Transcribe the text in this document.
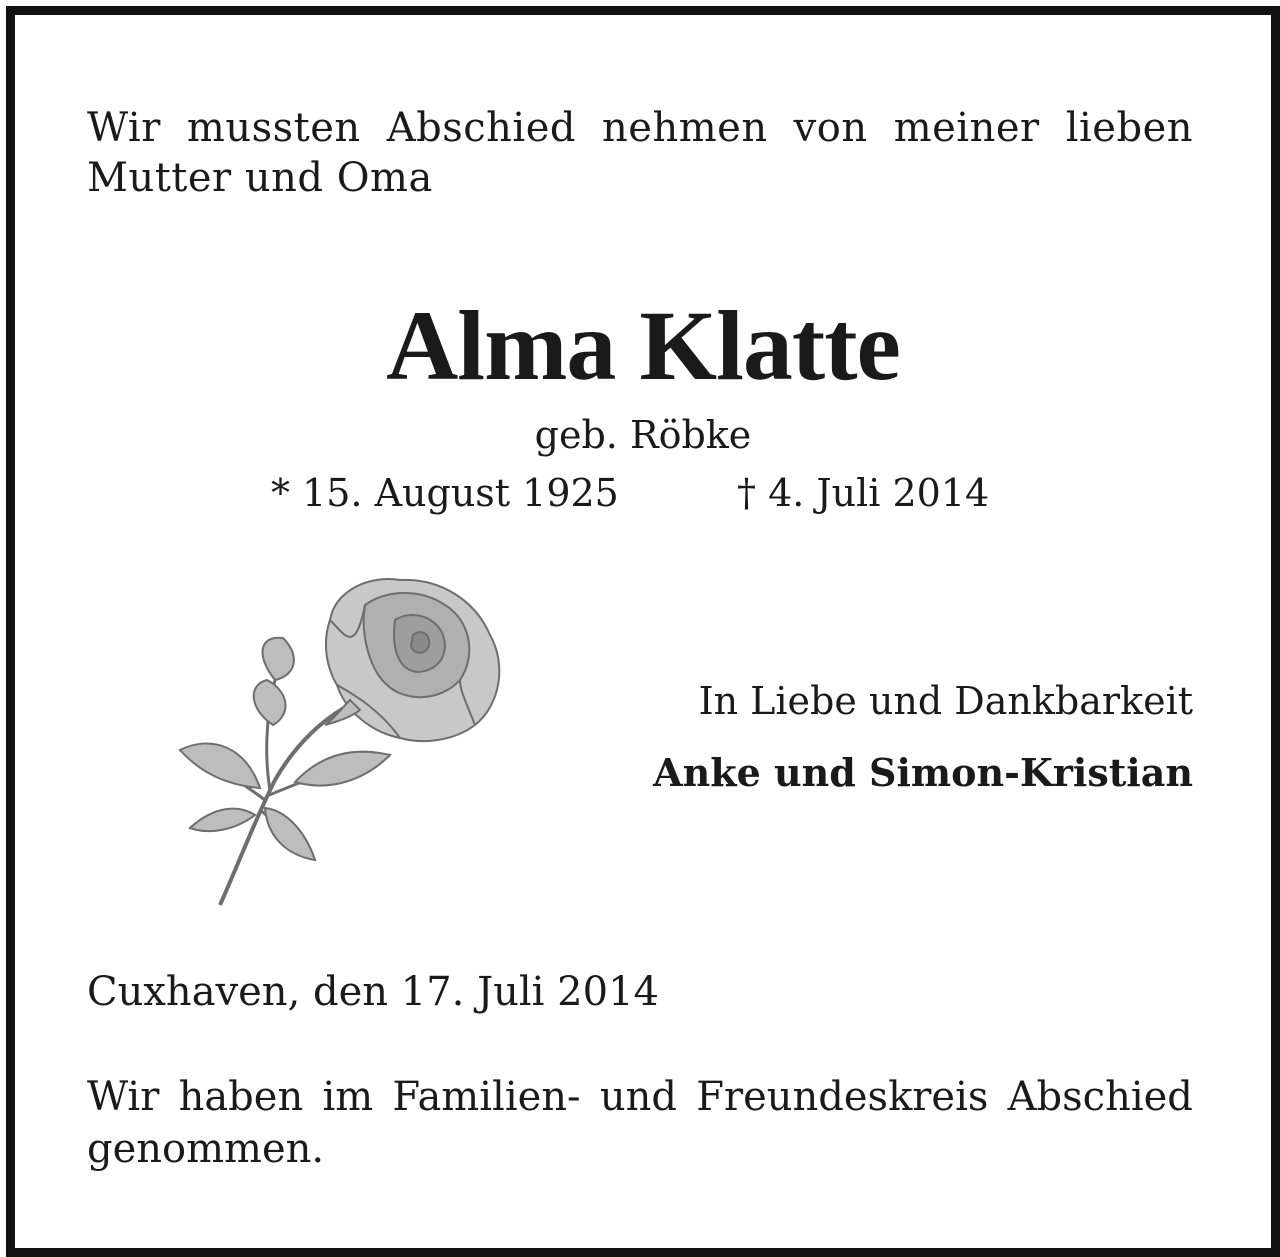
Wir mussten Abschied nehmen von meiner lieben
Mutter und Oma
Alma Klatte
geb. Röbke
* 15. August 1925	† 4. Juli 2014
In Liebe und Dankbarkeit
Anke und Simon-Kristian
Cuxhaven, den 17. Juli 2014
Wir haben im Familien- und Freundeskreis Abschied
genommen.
